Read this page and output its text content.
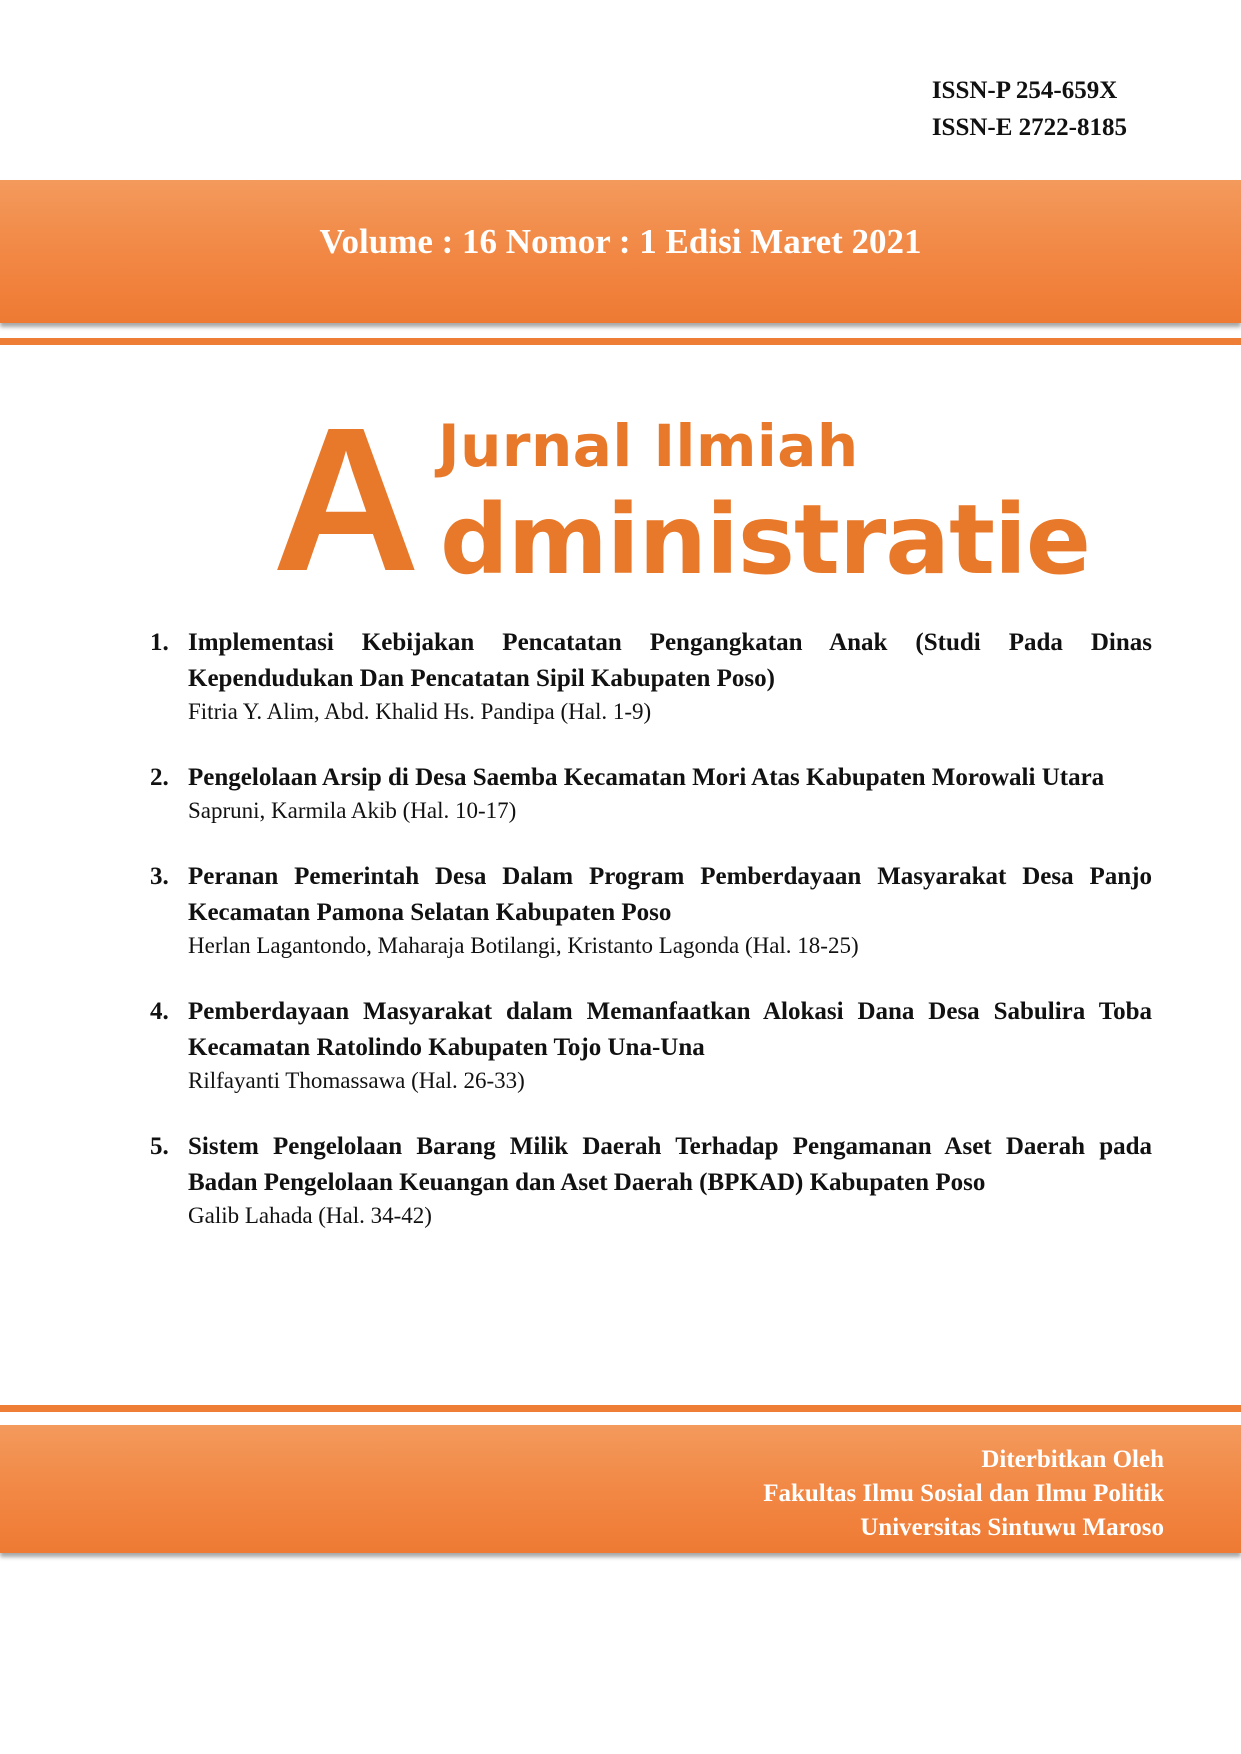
ISSN-P 254-659X
ISSN-E 2722-8185
Volume : 16 Nomor : 1 Edisi Maret 2021
A Jurnal Ilmiah
dministratie
1. Implementasi Kebijakan Pencatatan Pengangkatan Anak (Studi Pada Dinas Kependudukan Dan Pencatatan Sipil Kabupaten Poso)
Fitria Y. Alim, Abd. Khalid Hs. Pandipa (Hal. 1-9)
2. Pengelolaan Arsip di Desa Saemba Kecamatan Mori Atas Kabupaten Morowali Utara
Sapruni, Karmila Akib (Hal. 10-17)
3. Peranan Pemerintah Desa Dalam Program Pemberdayaan Masyarakat Desa Panjo Kecamatan Pamona Selatan Kabupaten Poso
Herlan Lagantondo, Maharaja Botilangi, Kristanto Lagonda (Hal. 18-25)
4. Pemberdayaan Masyarakat dalam Memanfaatkan Alokasi Dana Desa Sabulira Toba Kecamatan Ratolindo Kabupaten Tojo Una-Una
Rilfayanti Thomassawa (Hal. 26-33)
5. Sistem Pengelolaan Barang Milik Daerah Terhadap Pengamanan Aset Daerah pada Badan Pengelolaan Keuangan dan Aset Daerah (BPKAD) Kabupaten Poso
Galib Lahada (Hal. 34-42)
Diterbitkan Oleh
Fakultas Ilmu Sosial dan Ilmu Politik
Universitas Sintuwu Maroso
